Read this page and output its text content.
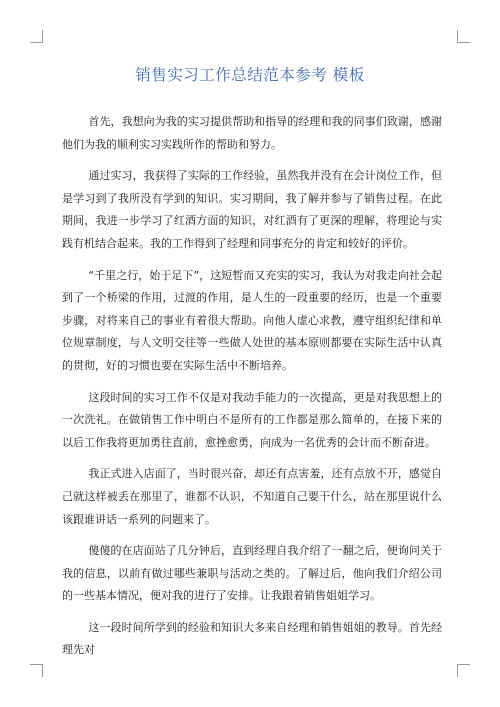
销售实习工作总结范本参考 模板

首先，我想向为我的实习提供帮助和指导的经理和我的同事们致谢，感谢他们为我的顺利实习实践所作的帮助和努力。

通过实习，我获得了实际的工作经验，虽然我并没有在会计岗位工作，但是学习到了我所没有学到的知识。实习期间，我了解并参与了销售过程。在此期间，我进一步学习了红酒方面的知识，对红酒有了更深的理解，将理论与实践有机结合起来。我的工作得到了经理和同事充分的肯定和较好的评价。

“千里之行，始于足下”，这短暂而又充实的实习，我认为对我走向社会起到了一个桥梁的作用，过渡的作用，是人生的一段重要的经历，也是一个重要步骤，对将来自己的事业有着很大帮助。向他人虚心求教，遵守组织纪律和单位规章制度，与人文明交往等一些做人处世的基本原则都要在实际生活中认真的贯彻，好的习惯也要在实际生活中不断培养。

这段时间的实习工作不仅是对我动手能力的一次提高，更是对我思想上的一次洗礼。在做销售工作中明白不是所有的工作都是那么简单的，在接下来的以后工作我将更加勇往直前，愈挫愈勇，向成为一名优秀的会计而不断奋进。

我正式进入店面了，当时很兴奋，却还有点害羞，还有点放不开，感觉自己就这样被丢在那里了，谁都不认识，不知道自己要干什么，站在那里说什么该跟谁讲话一系列的问题来了。

傻傻的在店面站了几分钟后，直到经理自我介绍了一翻之后，便询问关于我的信息，以前有做过哪些兼职与活动之类的。了解过后，他向我们介绍公司的一些基本情况，便对我的进行了安排。让我跟着销售姐姐学习。

这一段时间所学到的经验和知识大多来自经理和销售姐姐的教导。首先经理先对
